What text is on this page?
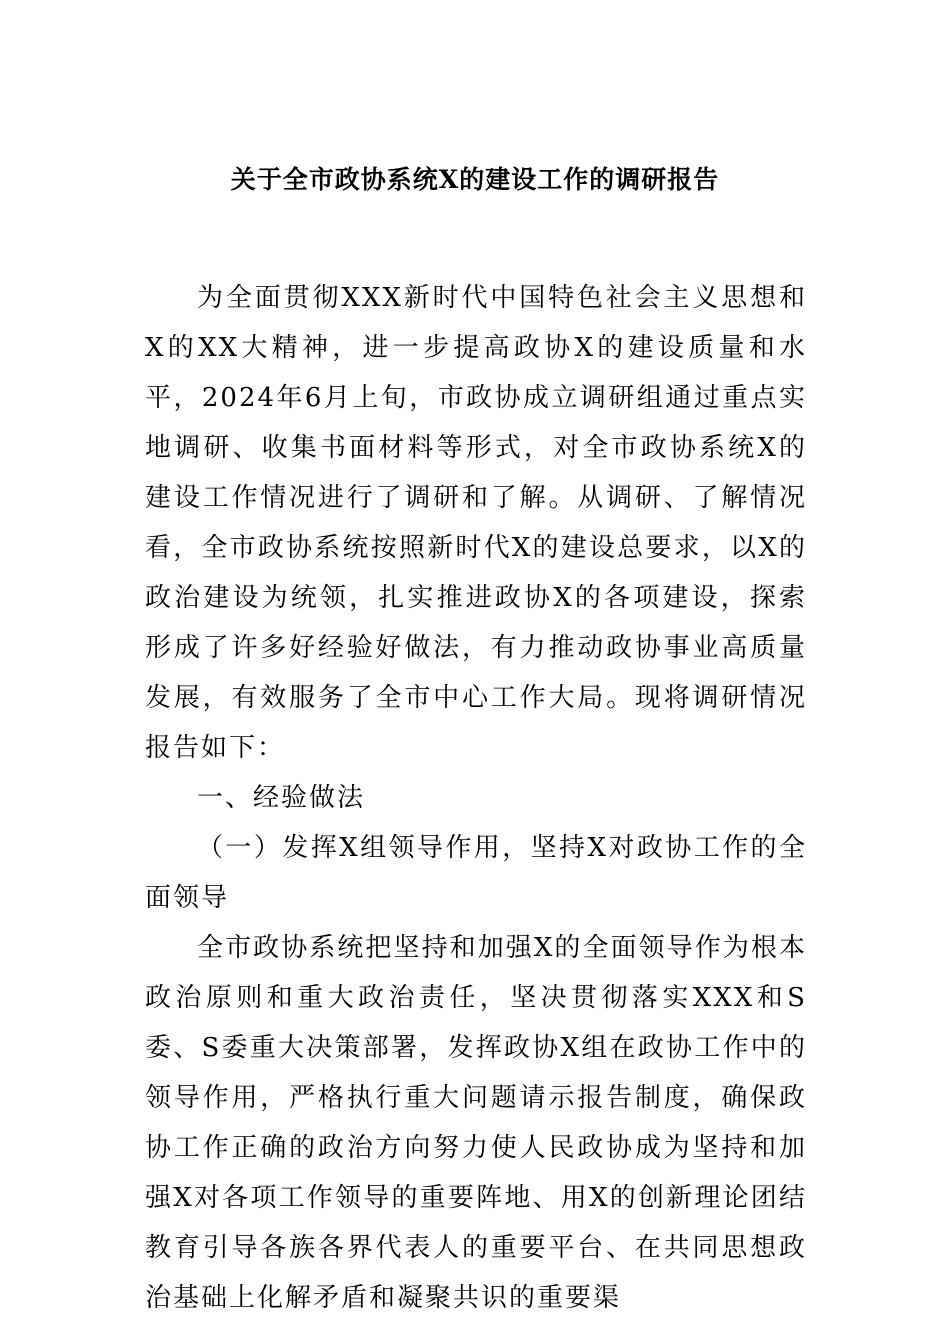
关于全市政协系统X的建设工作的调研报告

为全面贯彻XXX新时代中国特色社会主义思想和X的XX大精神，进一步提高政协X的建设质量和水平，2024年6月上旬，市政协成立调研组通过重点实地调研、收集书面材料等形式，对全市政协系统X的建设工作情况进行了调研和了解。从调研、了解情况看，全市政协系统按照新时代X的建设总要求，以X的政治建设为统领，扎实推进政协X的各项建设，探索形成了许多好经验好做法，有力推动政协事业高质量发展，有效服务了全市中心工作大局。现将调研情况报告如下：

一、经验做法

（一）发挥X组领导作用，坚持X对政协工作的全面领导

全市政协系统把坚持和加强X的全面领导作为根本政治原则和重大政治责任，坚决贯彻落实XXX和S委、S委重大决策部署，发挥政协X组在政协工作中的领导作用，严格执行重大问题请示报告制度，确保政协工作正确的政治方向努力使人民政协成为坚持和加强X对各项工作领导的重要阵地、用X的创新理论团结教育引导各族各界代表人的重要平台、在共同思想政治基础上化解矛盾和凝聚共识的重要渠
